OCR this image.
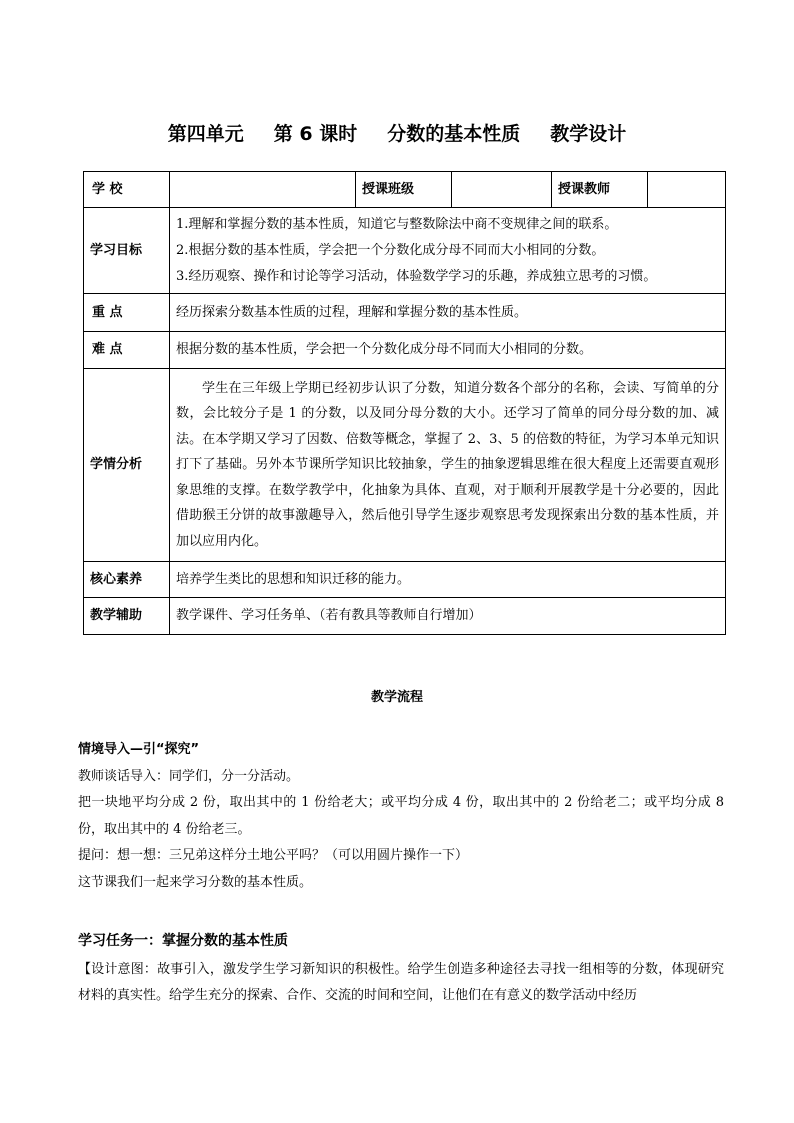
第四单元 第 6 课时 分数的基本性质 教学设计
学 校		授课班级		授课教师	
学习目标	1.理解和掌握分数的基本性质，知道它与整数除法中商不变规律之间的联系。
2.根据分数的基本性质，学会把一个分数化成分母不同而大小相同的分数。
3.经历观察、操作和讨论等学习活动，体验数学学习的乐趣，养成独立思考的习惯。				

重 点	经历探索分数基本性质的过程，理解和掌握分数的基本性质。				

难 点	根据分数的基本性质，学会把一个分数化成分母不同而大小相同的分数。				
学情分析	学生在三年级上学期已经初步认识了分数，知道分数各个部分的名称，会读、写简单的分数，会比较分子是 1 的分数，以及同分母分数的大小。还学习了简单的同分母分数的加、减法。在本学期又学习了因数、倍数等概念，掌握了 2、3、5 的倍数的特征，为学习本单元知识打下了基础。另外本节课所学知识比较抽象，学生的抽象逻辑思维在很大程度上还需要直观形象思维的支撑。在数学教学中，化抽象为具体、直观，对于顺利开展教学是十分必要的，因此借助猴王分饼的故事激趣导入，然后他引导学生逐步观察思考发现探索出分数的基本性质，并加以应用内化。				

核心素养	培养学生类比的思想和知识迁移的能力。				
教学辅助	教学课件、学习任务单、（若有教具等教师自行增加）				
教学流程
情境导入—引“探究”
教师谈话导入：同学们，分一分活动。
把一块地平均分成 2 份，取出其中的 1 份给老大；或平均分成 4 份，取出其中的 2 份给老二；或平均分成 8 份，取出其中的 4 份给老三。
提问：想一想：三兄弟这样分土地公平吗？（可以用圆片操作一下）
这节课我们一起来学习分数的基本性质。
学习任务一：掌握分数的基本性质
【设计意图：故事引入，激发学生学习新知识的积极性。给学生创造多种途径去寻找一组相等的分数，体现研究材料的真实性。给学生充分的探索、合作、交流的时间和空间，让他们在有意义的数学活动中经历
